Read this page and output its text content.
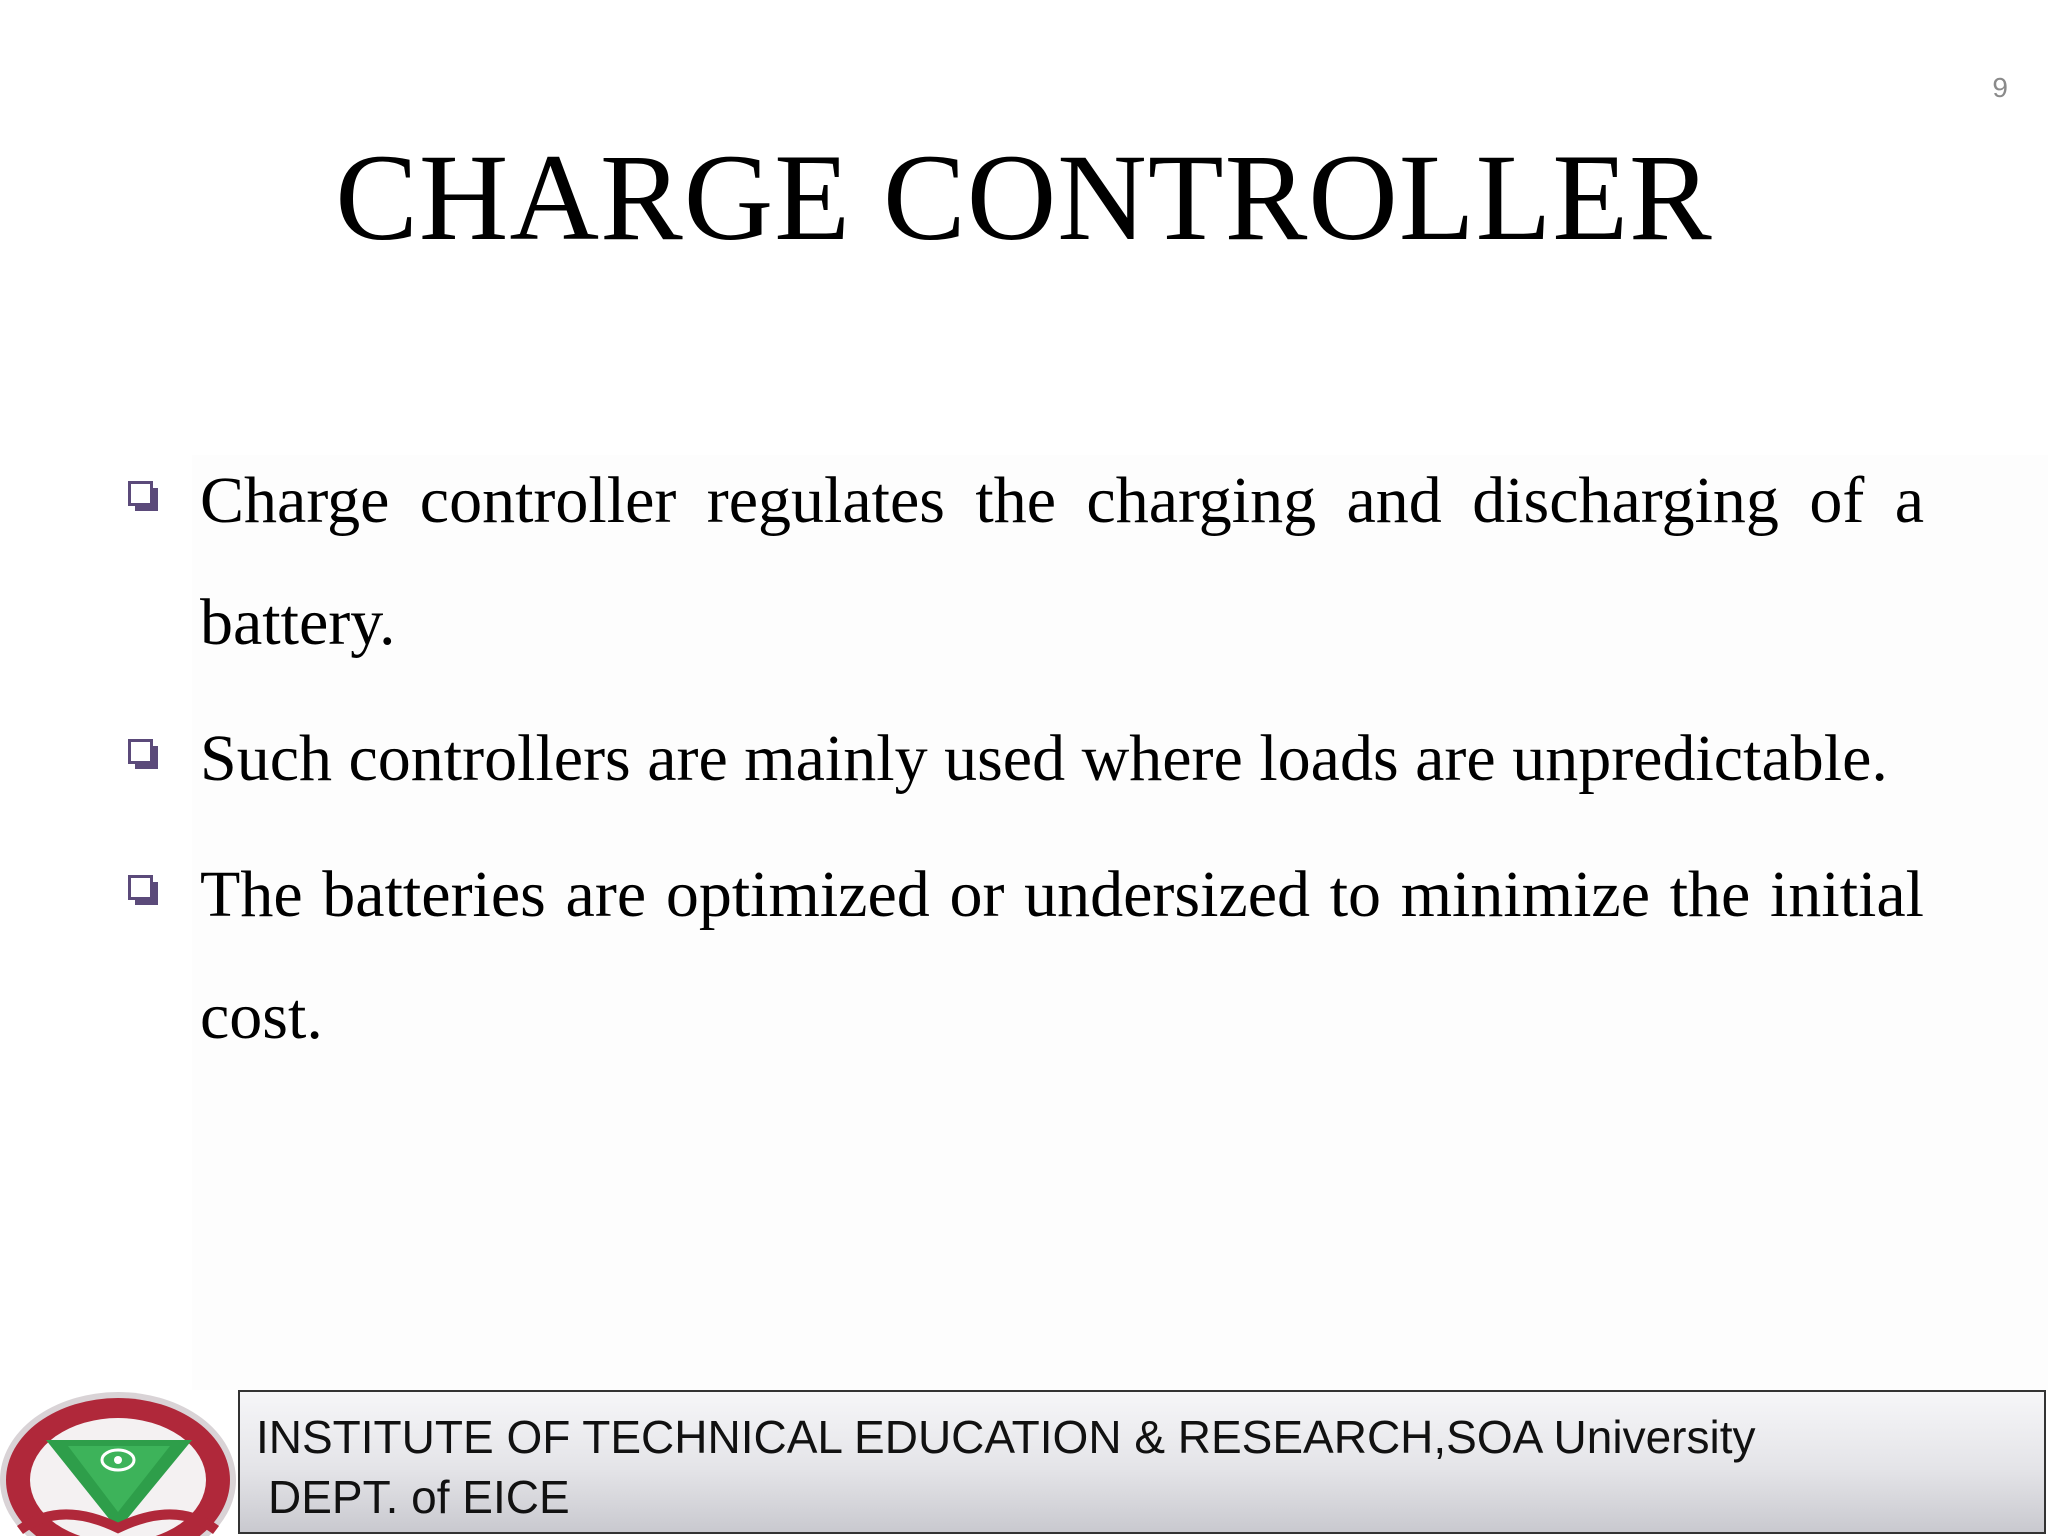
9
CHARGE CONTROLLER
Charge controller regulates the charging and discharging of a battery.
Such controllers are mainly used where loads are unpredictable.
The batteries are optimized or undersized to minimize the initial cost.
INSTITUTE OF TECHNICAL EDUCATION & RESEARCH,SOA University
DEPT. of EICE
